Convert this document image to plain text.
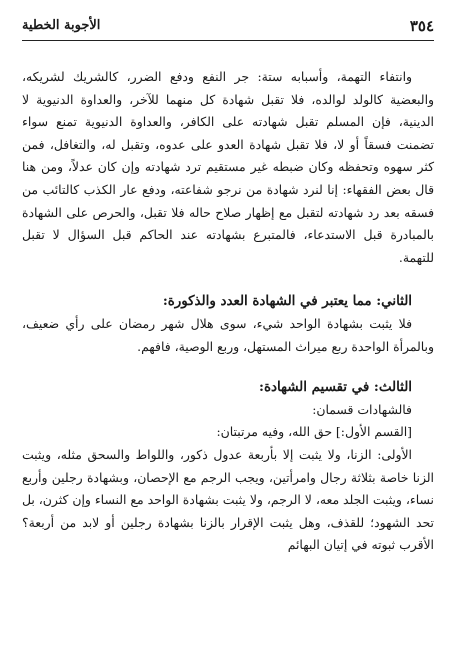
٣٥٤
الأجوبة الخطية

وانتفاء التهمة، وأسبابه ستة: جر النفع ودفع الضرر، كالشريك لشريكه، والبعضية كالولد لوالده، فلا تقبل شهادة كل منهما للآخر، والعداوة الدنيوية لا الدينية، فإن المسلم تقبل شهادته على الكافر، والعداوة الدنيوية تمنع سواء تضمنت فسقاً أو لا، فلا تقبل شهادة العدو على عدوه، وتقبل له، والتغافل، فمن كثر سهوه وتحفظه وكان ضبطه غير مستقيم ترد شهادته وإن كان عدلاً، ومن هنا قال بعض الفقهاء: إنا لنرد شهادة من نرجو شفاعته، ودفع عار الكذب كالتائب من فسقه بعد رد شهادته لتقبل مع إظهار صلاح حاله فلا تقبل، والحرص على الشهادة بالمبادرة قبل الاستدعاء، فالمتبرع بشهادته عند الحاكم قبل السؤال لا تقبل للتهمة.

الثاني: مما يعتبر في الشهادة العدد والذكورة:

فلا يثبت بشهادة الواحد شيء، سوى هلال شهر رمضان على رأي ضعيف، وبالمرأة الواحدة ربع ميراث المستهل، وربع الوصية، فافهم.

الثالث: في تقسيم الشهادة:

فالشهادات قسمان:

[القسم الأول:] حق الله، وفيه مرتبتان:

الأولى: الزنا، ولا يثبت إلا بأربعة عدول ذكور، واللواط والسحق مثله، ويثبت الزنا خاصة بثلاثة رجال وامرأتين، ويجب الرجم مع الإحصان، وبشهادة رجلين وأربع نساء، ويثبت الجلد معه، لا الرجم، ولا يثبت بشهادة الواحد مع النساء وإن كثرن، بل تحد الشهود؛ للقذف، وهل يثبت الإقرار بالزنا بشهادة رجلين أو لابد من أربعة؟ الأقرب ثبوته في إتيان البهائم
